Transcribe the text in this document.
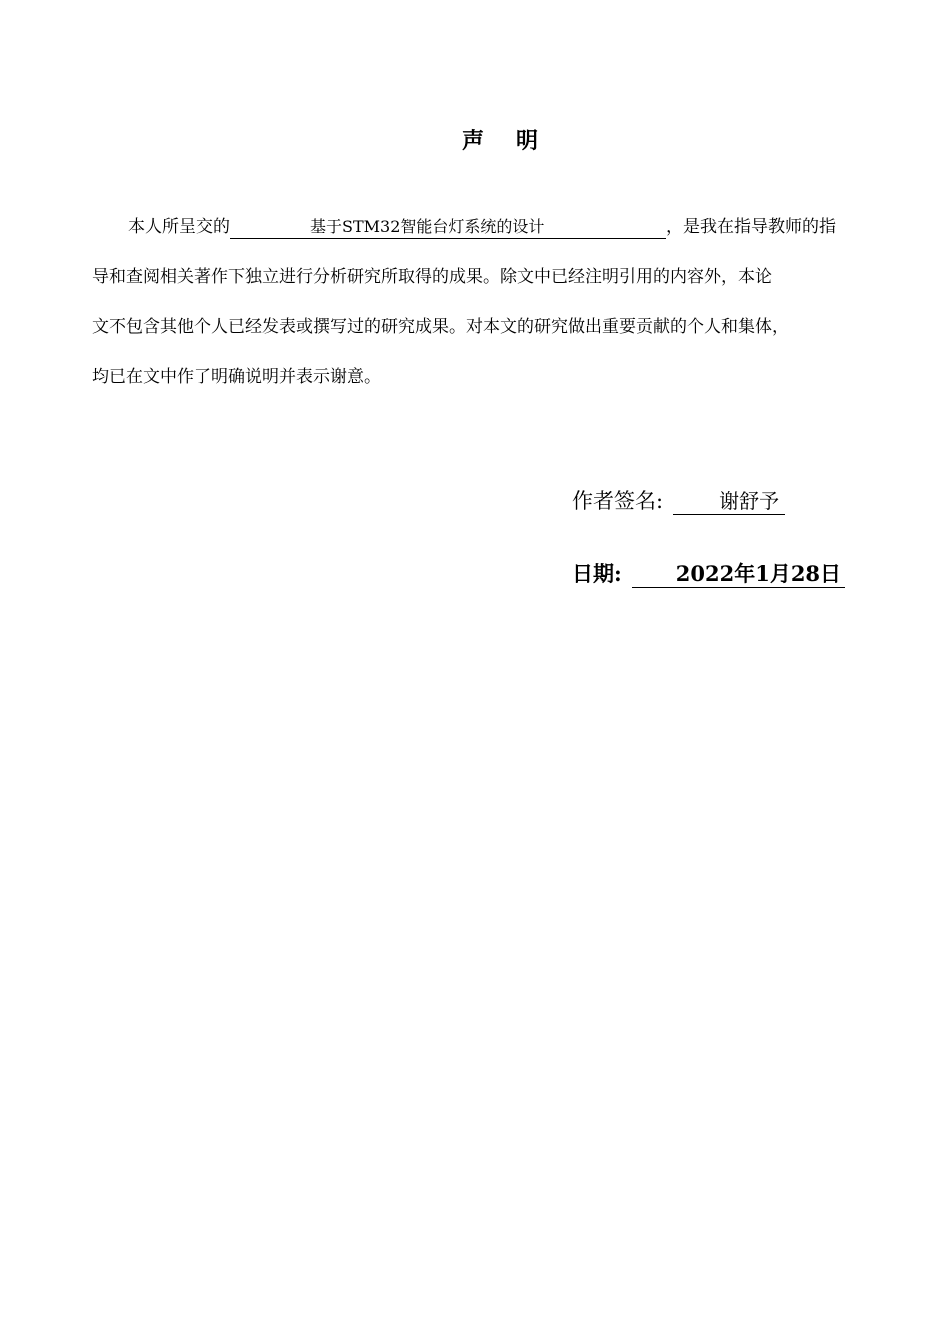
声 明
本人所呈交的	基于STM32智能台灯系统的设计	，是我在指导教师的指
导和查阅相关著作下独立进行分析研究所取得的成果。除文中已经注明引用的内容外，本论
文不包含其他个人已经发表或撰写过的研究成果。对本文的研究做出重要贡献的个人和集体，
均已在文中作了明确说明并表示谢意。
作者签名:	谢舒予
日期:	2022年1月28日
